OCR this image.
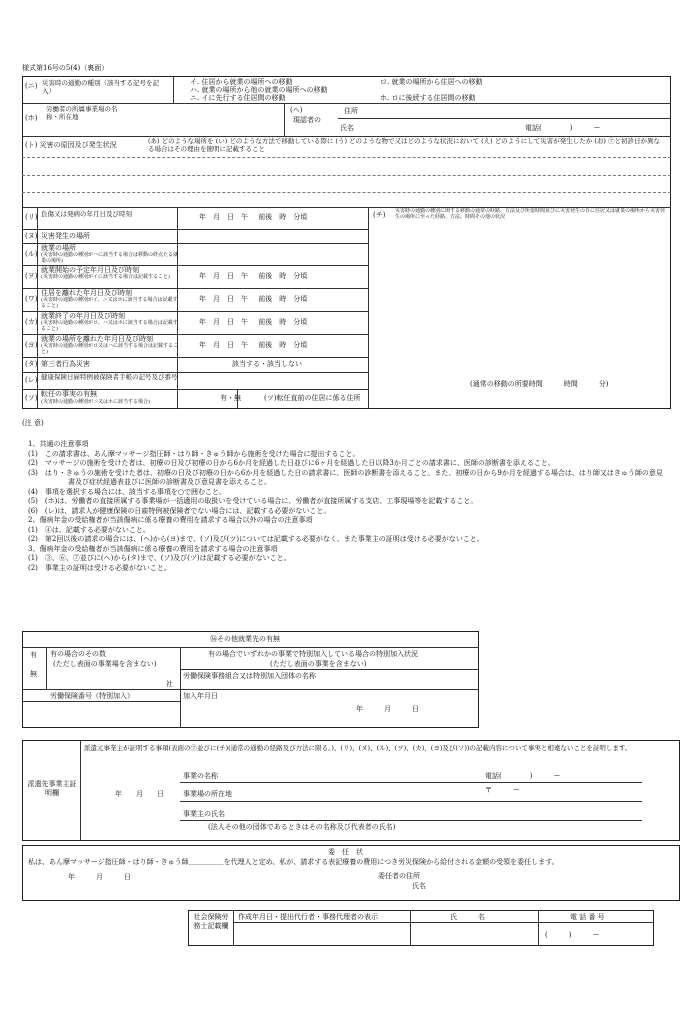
様式第16号の5(4)（裏面）
(ニ) 災害時の通勤の種別（該当する記号を記入）
イ. 住居から就業の場所への移動
ハ. 就業の場所から他の就業の場所への移動
ニ. イに先行する住居間の移動
ロ. 就業の場所から住居への移動
ホ. ロに後続する住居間の移動
(ホ)
労働者の所属事業場の名称・所在地
(ヘ)
現認者の
住所
氏名	電話(　　　　)　　　ー
(ト) 災害の原因及び発生状況	(あ) どのような場所を (い) どのような方法で移動している際に (う) どのような物で又はどのような状況において (え) どのようにして災害が発生したか (お) ⑦と初診日が異なる場合はその理由を簡明に記載すること
(リ) 負傷又は発病の年月日及び時刻	年　月　日　午 前後　時　分頃
(ヌ) 災害発生の場所
(ル)
就業の場所
(災害時の通勤の種別がハに該当する場合は移動の終点たる就業の場所)
(ヲ)
就業開始の予定年月日及び時刻
(災害時の通勤の種別がイに該当する場合は記載すること)	年　月　日　午 前後　時　分頃
(ワ)
住居を離れた年月日及び時刻
(災害時の通勤の種別がイ、ニ又はホに該当する場合は記載すること)
年　月　日　午 前後　時　分頃
(カ)
就業終了の年月日及び時刻
(災害時の通勤の種別がロ、ハ又はホに該当する場合は記載すること)
年　月　日　午 前後　時　分頃
(ヨ)
就業の場所を離れた年月日及び時刻
(災害時の通勤の種別がロ又はハに該当する場合は記載すること)
年　月　日　午 前後　時　分頃
(タ) 第三者行為災害	該当する・該当しない
(レ) 健康保険日雇特例被保険者手帳の記号及び番号
(ソ) 転任の事実の有無
(災害時の通勤の種別がニ又はホに該当する場合)	有・無	(ツ)転任直前の住居に係る住所
(チ) 災害時の通勤の種別に関する移動の通常の経路、方法及び所要時間並びに災害発生の日に住居又は就業の場所から災害発生の場所に至った経路、方法、時間その他の状況
(通常の移動の所要時間　　　時間　　　分)
(注 意)
1、共通の注意事項
(1)　この請求書は、あん摩マッサージ指圧師・はり師・きゅう師から施術を受けた場合に提出すること。
(2)　マッサージの施術を受けた者は、初療の日及び初療の日から6か月を経過した日並びに6ヶ月を経過した日以降3か月ごとの請求書に、医師の診断書を添えること。
(3)　はり・きゅうの施術を受けた者は、初療の日及び初療の日から6か月を経過した日の請求書に、医師の診断書を添えること。また、初療の日から9か月を経過する場合は、はり師又はきゅう師の意見書及び症状経過表並びに医師の診断書及び意見書を添えること。
(4)　事項を選択する場合には、該当する事項を○で囲むこと。
(5)　(ホ)は、労働者の直接所属する事業場が一括適用の取扱いを受けている場合に、労働者が直接所属する支店、工事現場等を記載すること。
(6)　(レ)は、請求人が健康保険の日雇特例被保険者でない場合には、記載する必要がないこと。
2、傷病年金の受給権者が当該傷病に係る療養の費用を請求する場合以外の場合の注意事項
(1)　④は、記載する必要がないこと。
(2)　第2回以後の請求の場合には、(ヘ)から(ヨ)まで、(ソ)及び(ツ)については記載する必要がなく、また事業主の証明は受ける必要がないこと。
3、傷病年金の受給権者が当該傷病に係る療養の費用を請求する場合の注意事項
(1)　③、⑥、⑦並びに(ヘ)から(タ)まで、(ソ)及び(ツ)は記載する必要がないこと。
(2)　事業主の証明は受ける必要がないこと。
㊱その他就業先の有無
有
無
有の場合のその数
(ただし表面の事業場を含まない)
社
有の場合でいずれかの事業で特別加入している場合の特別加入状況
(ただし表面の事業を含まない)
労働保険事務組合又は特別加入団体の名称
労働保険番号（特別加入）	加入年月日
年　　　月　　　日
派遣先事業主証明欄
派遣元事業主が証明する事項(表面の⑦並びに(チ)(通常の通勤の経路及び方法に限る。)、(リ)、(ヌ)、(ル)、(ヲ)、(カ)、(ヨ)及び(ソ))の記載内容について事実と相違ないことを証明します。
年　　月　　日
事業の名称
事業場の所在地
事業主の氏名
(法人その他の団体であるときはその名称及び代表者の氏名)
電話(　　　　)　　　ー
〒　　　ー
委　任　状
私は、あん摩マッサージ指圧師・はり師・きゅう師＿＿＿＿＿を代理人と定め、私が、請求する表記療養の費用につき労災保険から給付される金額の受領を委任します。
年　　　月　　　日	委任者の住所
氏名
社会保険労務士記載欄
作成年月日・提出代行者・事務代理者の表示	氏　　　名	電 話 番 号
(　　　)　　　ー
